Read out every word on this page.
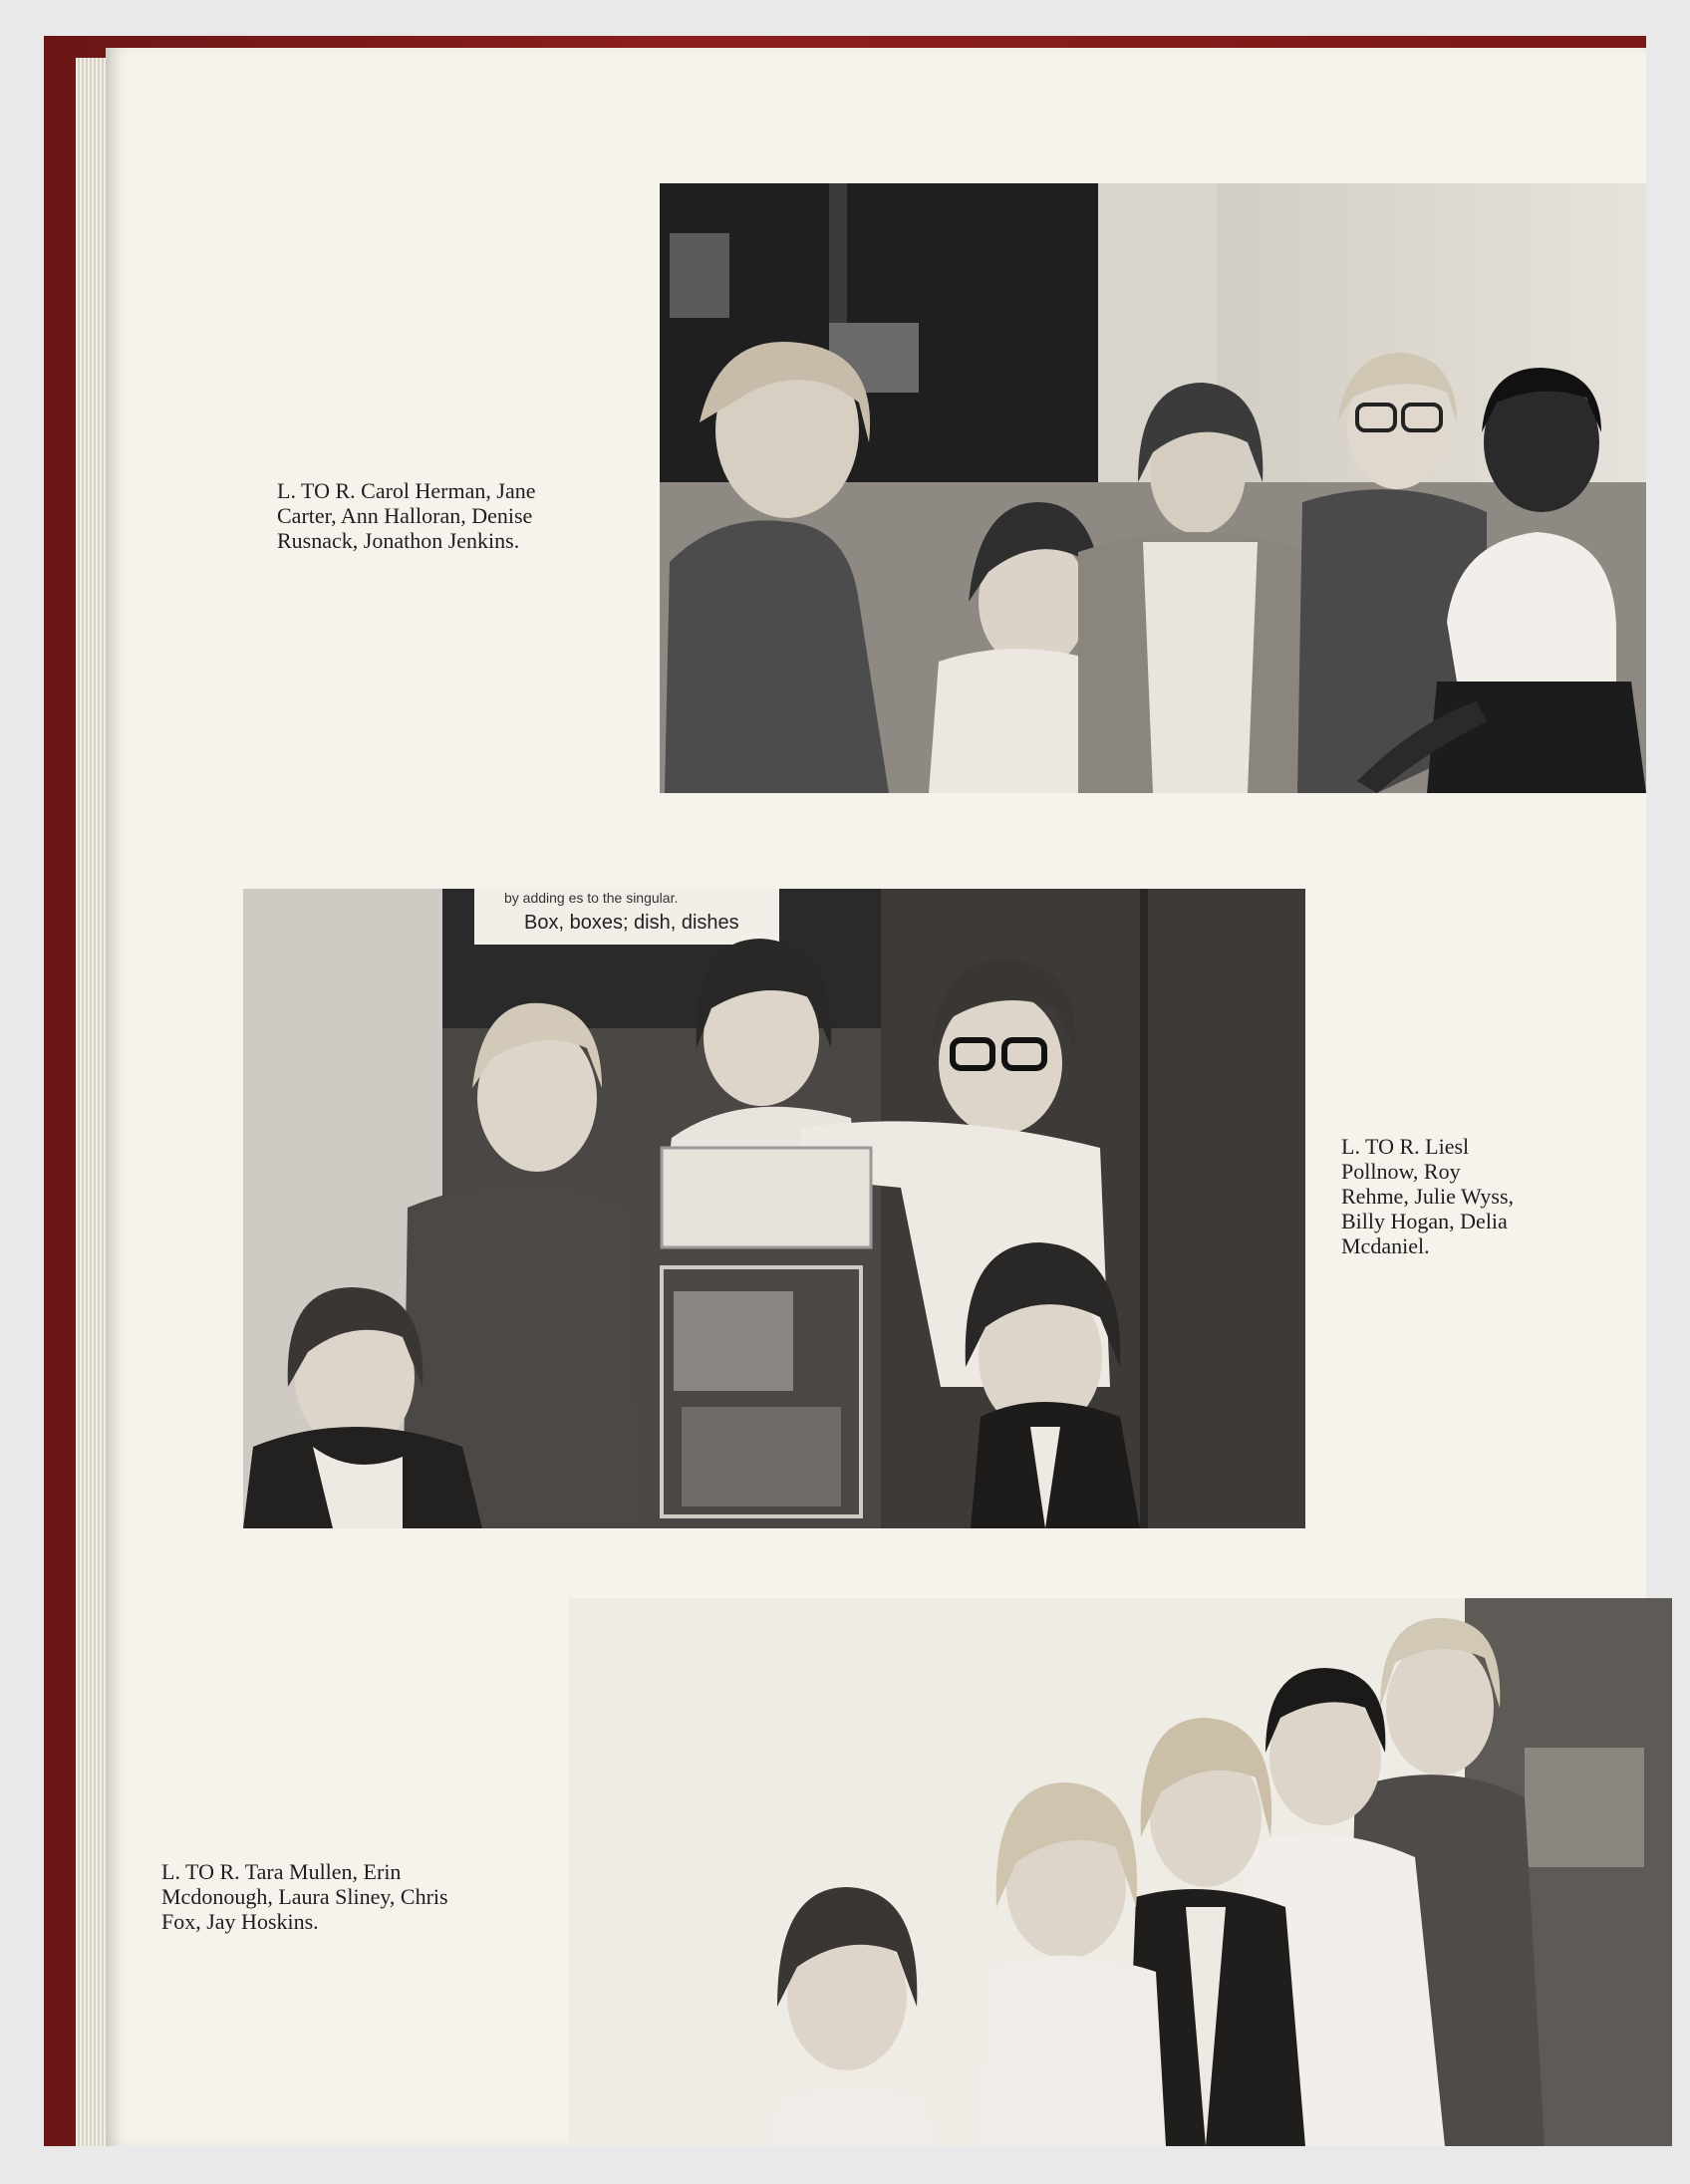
L. TO R. Carol Herman, Jane
Carter, Ann Halloran, Denise
Rusnack, Jonathon Jenkins.

by adding es to the singular.
Box, boxes; dish, dishes

L. TO R. Liesl
Pollnow, Roy
Rehme, Julie Wyss,
Billy Hogan, Delia
Mcdaniel.

L. TO R. Tara Mullen, Erin
Mcdonough, Laura Sliney, Chris
Fox, Jay Hoskins.
